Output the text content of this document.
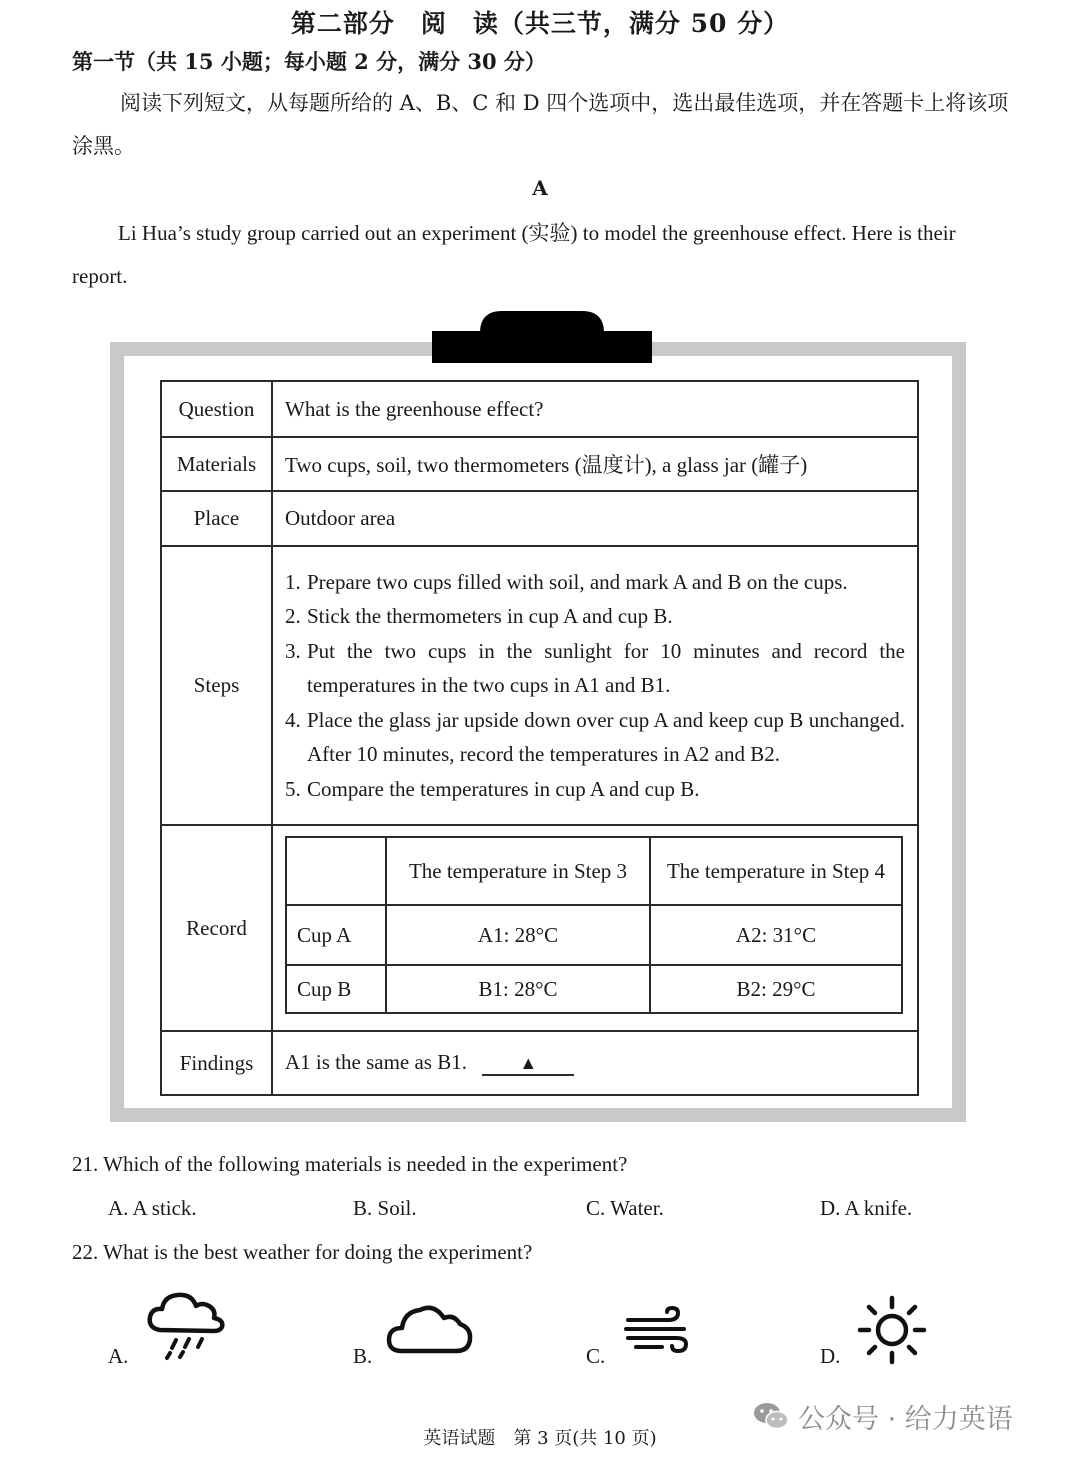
第二部分　阅　读（共三节，满分 50 分）
第一节（共 15 小题；每小题 2 分，满分 30 分）
阅读下列短文，从每题所给的 A、B、C 和 D 四个选项中，选出最佳选项，并在答题卡上将该项涂黑。
A
Li Hua’s study group carried out an experiment (实验) to model the greenhouse effect. Here is their report.
Question	What is the greenhouse effect?
Materials	Two cups, soil, two thermometers (温度计), a glass jar (罐子)
Place	Outdoor area
Steps	
1. Prepare two cups filled with soil, and mark A and B on the cups.
2. Stick the thermometers in cup A and cup B.
3. Put the two cups in the sunlight for 10 minutes and record the temperatures in the two cups in A1 and B1.
4. Place the glass jar upside down over cup A and keep cup B unchanged. After 10 minutes, record the temperatures in A2 and B2.
5. Compare the temperatures in cup A and cup B.

Record	
	The temperature in Step 3	The temperature in Step 4
Cup A	A1: 28°C	A2: 31°C
Cup B	B1: 28°C	B2: 29°C

Findings	A1 is the same as B1.	▲
21. Which of the following materials is needed in the experiment?
A. A stick.	B. Soil.	C. Water.	D. A knife.
22. What is the best weather for doing the experiment?
A.	B.	C.	D.
公众号 · 给力英语
英语试题　第 3 页(共 10 页)
